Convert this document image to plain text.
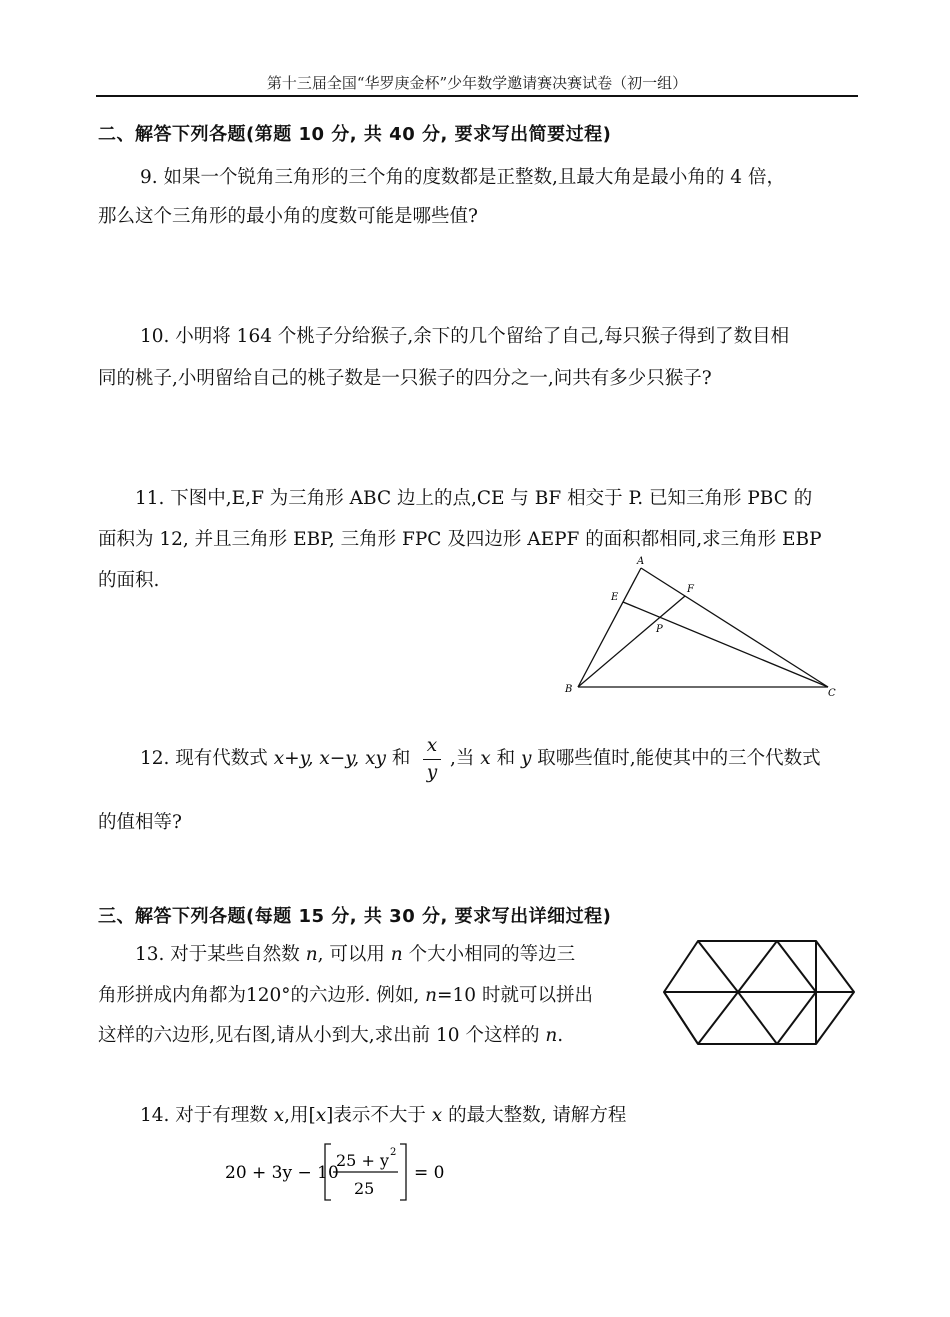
第十三届全国“华罗庚金杯”少年数学邀请赛决赛试卷（初一组）
二、解答下列各题(第题 10 分, 共 40 分, 要求写出简要过程)
9. 如果一个锐角三角形的三个角的度数都是正整数,且最大角是最小角的 4 倍，
那么这个三角形的最小角的度数可能是哪些值?
10. 小明将 164 个桃子分给猴子,余下的几个留给了自己,每只猴子得到了数目相
同的桃子,小明留给自己的桃子数是一只猴子的四分之一,问共有多少只猴子?
11. 下图中,E,F 为三角形 ABC 边上的点,CE 与 BF 相交于 P. 已知三角形 PBC 的
面积为 12, 并且三角形 EBP, 三角形 FPC 及四边形 AEPF 的面积都相同,求三角形 EBP
的面积.
A
B	C
E
F
P
12. 现有代数式 x+y, x−y, xy 和
x
y
,当 x 和 y 取哪些值时,能使其中的三个代数式
的值相等?
三、解答下列各题(每题 15 分, 共 30 分, 要求写出详细过程)
13. 对于某些自然数 n, 可以用 n 个大小相同的等边三
角形拼成内角都为120°的六边形. 例如, n=10 时就可以拼出
这样的六边形,见右图,请从小到大,求出前 10 个这样的 n.
14. 对于有理数 x,用[x]表示不大于 x 的最大整数, 请解方程
20 + 3y − 10
25 + y 2
25
= 0
